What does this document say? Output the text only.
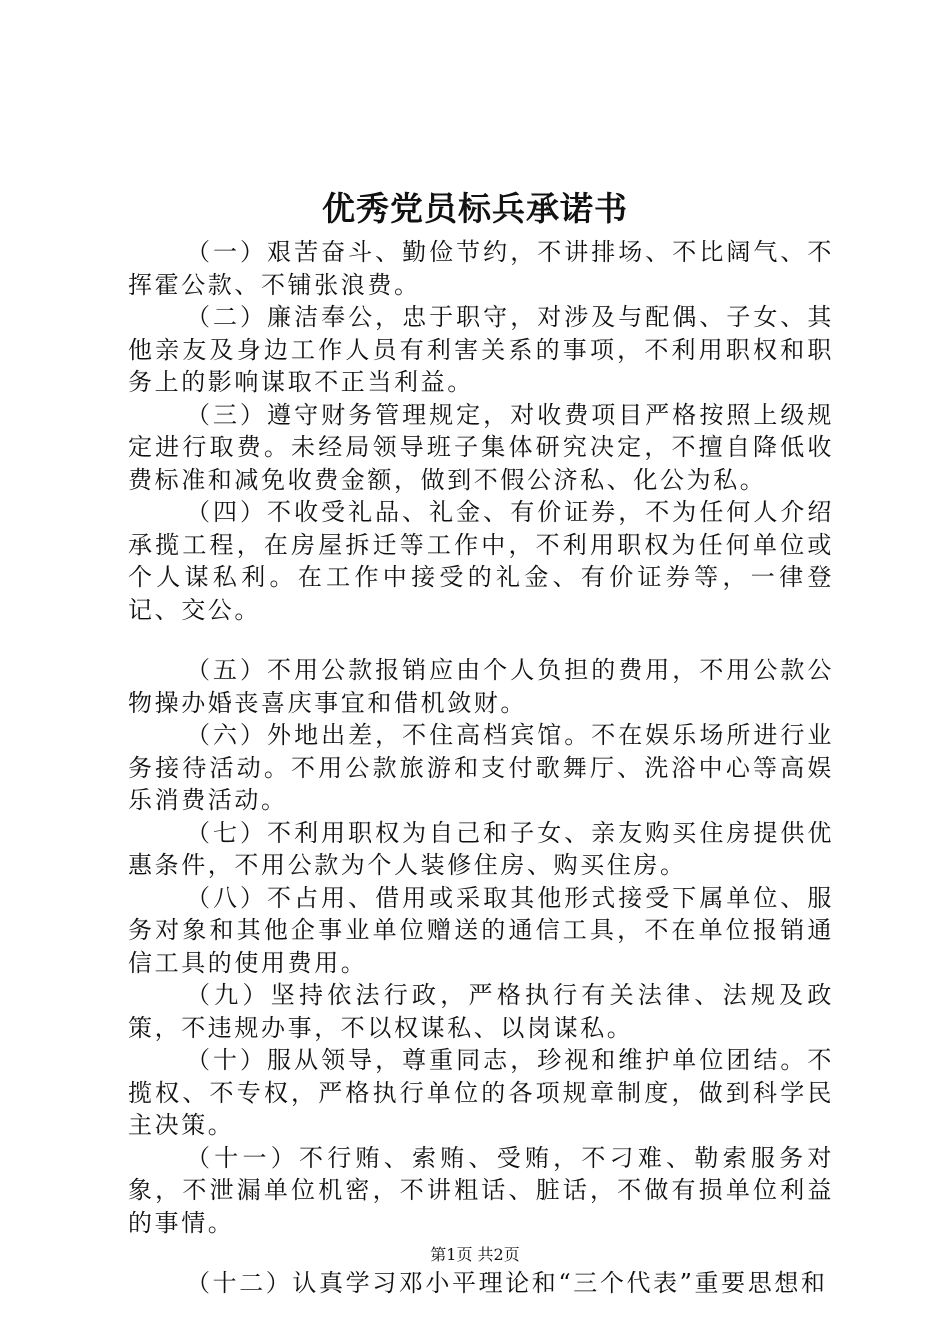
优秀党员标兵承诺书

（一）艰苦奋斗、勤俭节约，不讲排场、不比阔气、不挥霍公款、不铺张浪费。

（二）廉洁奉公，忠于职守，对涉及与配偶、子女、其他亲友及身边工作人员有利害关系的事项，不利用职权和职务上的影响谋取不正当利益。

（三）遵守财务管理规定，对收费项目严格按照上级规定进行取费。未经局领导班子集体研究决定，不擅自降低收费标准和减免收费金额，做到不假公济私、化公为私。

（四）不收受礼品、礼金、有价证券，不为任何人介绍承揽工程，在房屋拆迁等工作中，不利用职权为任何单位或个人谋私利。在工作中接受的礼金、有价证券等，一律登记、交公。

（五）不用公款报销应由个人负担的费用，不用公款公物操办婚丧喜庆事宜和借机敛财。

（六）外地出差，不住高档宾馆。不在娱乐场所进行业务接待活动。不用公款旅游和支付歌舞厅、洗浴中心等高娱乐消费活动。

（七）不利用职权为自己和子女、亲友购买住房提供优惠条件，不用公款为个人装修住房、购买住房。

（八）不占用、借用或采取其他形式接受下属单位、服务对象和其他企事业单位赠送的通信工具，不在单位报销通信工具的使用费用。

（九）坚持依法行政，严格执行有关法律、法规及政策，不违规办事，不以权谋私、以岗谋私。

（十）服从领导，尊重同志，珍视和维护单位团结。不揽权、不专权，严格执行单位的各项规章制度，做到科学民主决策。

（十一）不行贿、索贿、受贿，不刁难、勒索服务对象，不泄漏单位机密，不讲粗话、脏话，不做有损单位利益的事情。

（十二）认真学习邓小平理论和“三个代表”重要思想和

第1页 共2页
